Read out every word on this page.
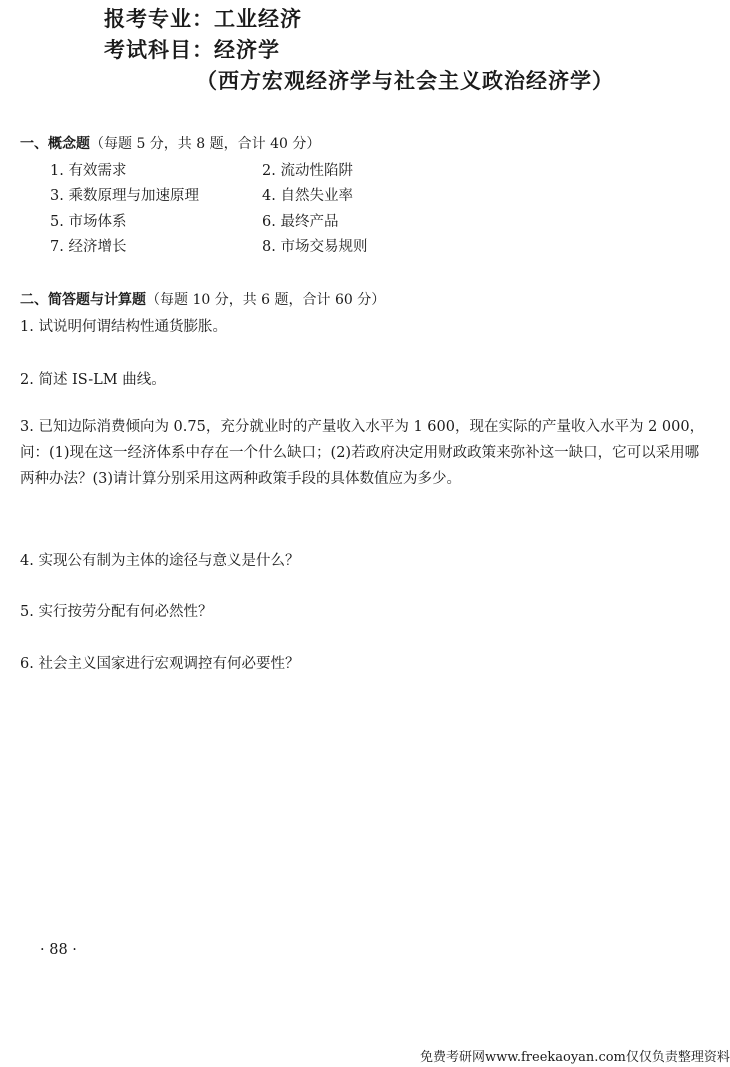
报考专业：工业经济
考试科目：经济学
（西方宏观经济学与社会主义政治经济学）
一、概念题（每题 5 分，共 8 题，合计 40 分）
1. 有效需求	2. 流动性陷阱
3. 乘数原理与加速原理	4. 自然失业率
5. 市场体系	6. 最终产品
7. 经济增长	8. 市场交易规则
二、简答题与计算题（每题 10 分，共 6 题，合计 60 分）
1. 试说明何谓结构性通货膨胀。
2. 简述 IS-LM 曲线。
3. 已知边际消费倾向为 0.75，充分就业时的产量收入水平为 1 600，现在实际的产量收入水平为 2 000，问：(1)现在这一经济体系中存在一个什么缺口；(2)若政府决定用财政政策来弥补这一缺口，它可以采用哪两种办法？(3)请计算分别采用这两种政策手段的具体数值应为多少。
4. 实现公有制为主体的途径与意义是什么？
5. 实行按劳分配有何必然性？
6. 社会主义国家进行宏观调控有何必要性？
· 88 ·
免费考研网www.freekaoyan.com仅仅负责整理资料
